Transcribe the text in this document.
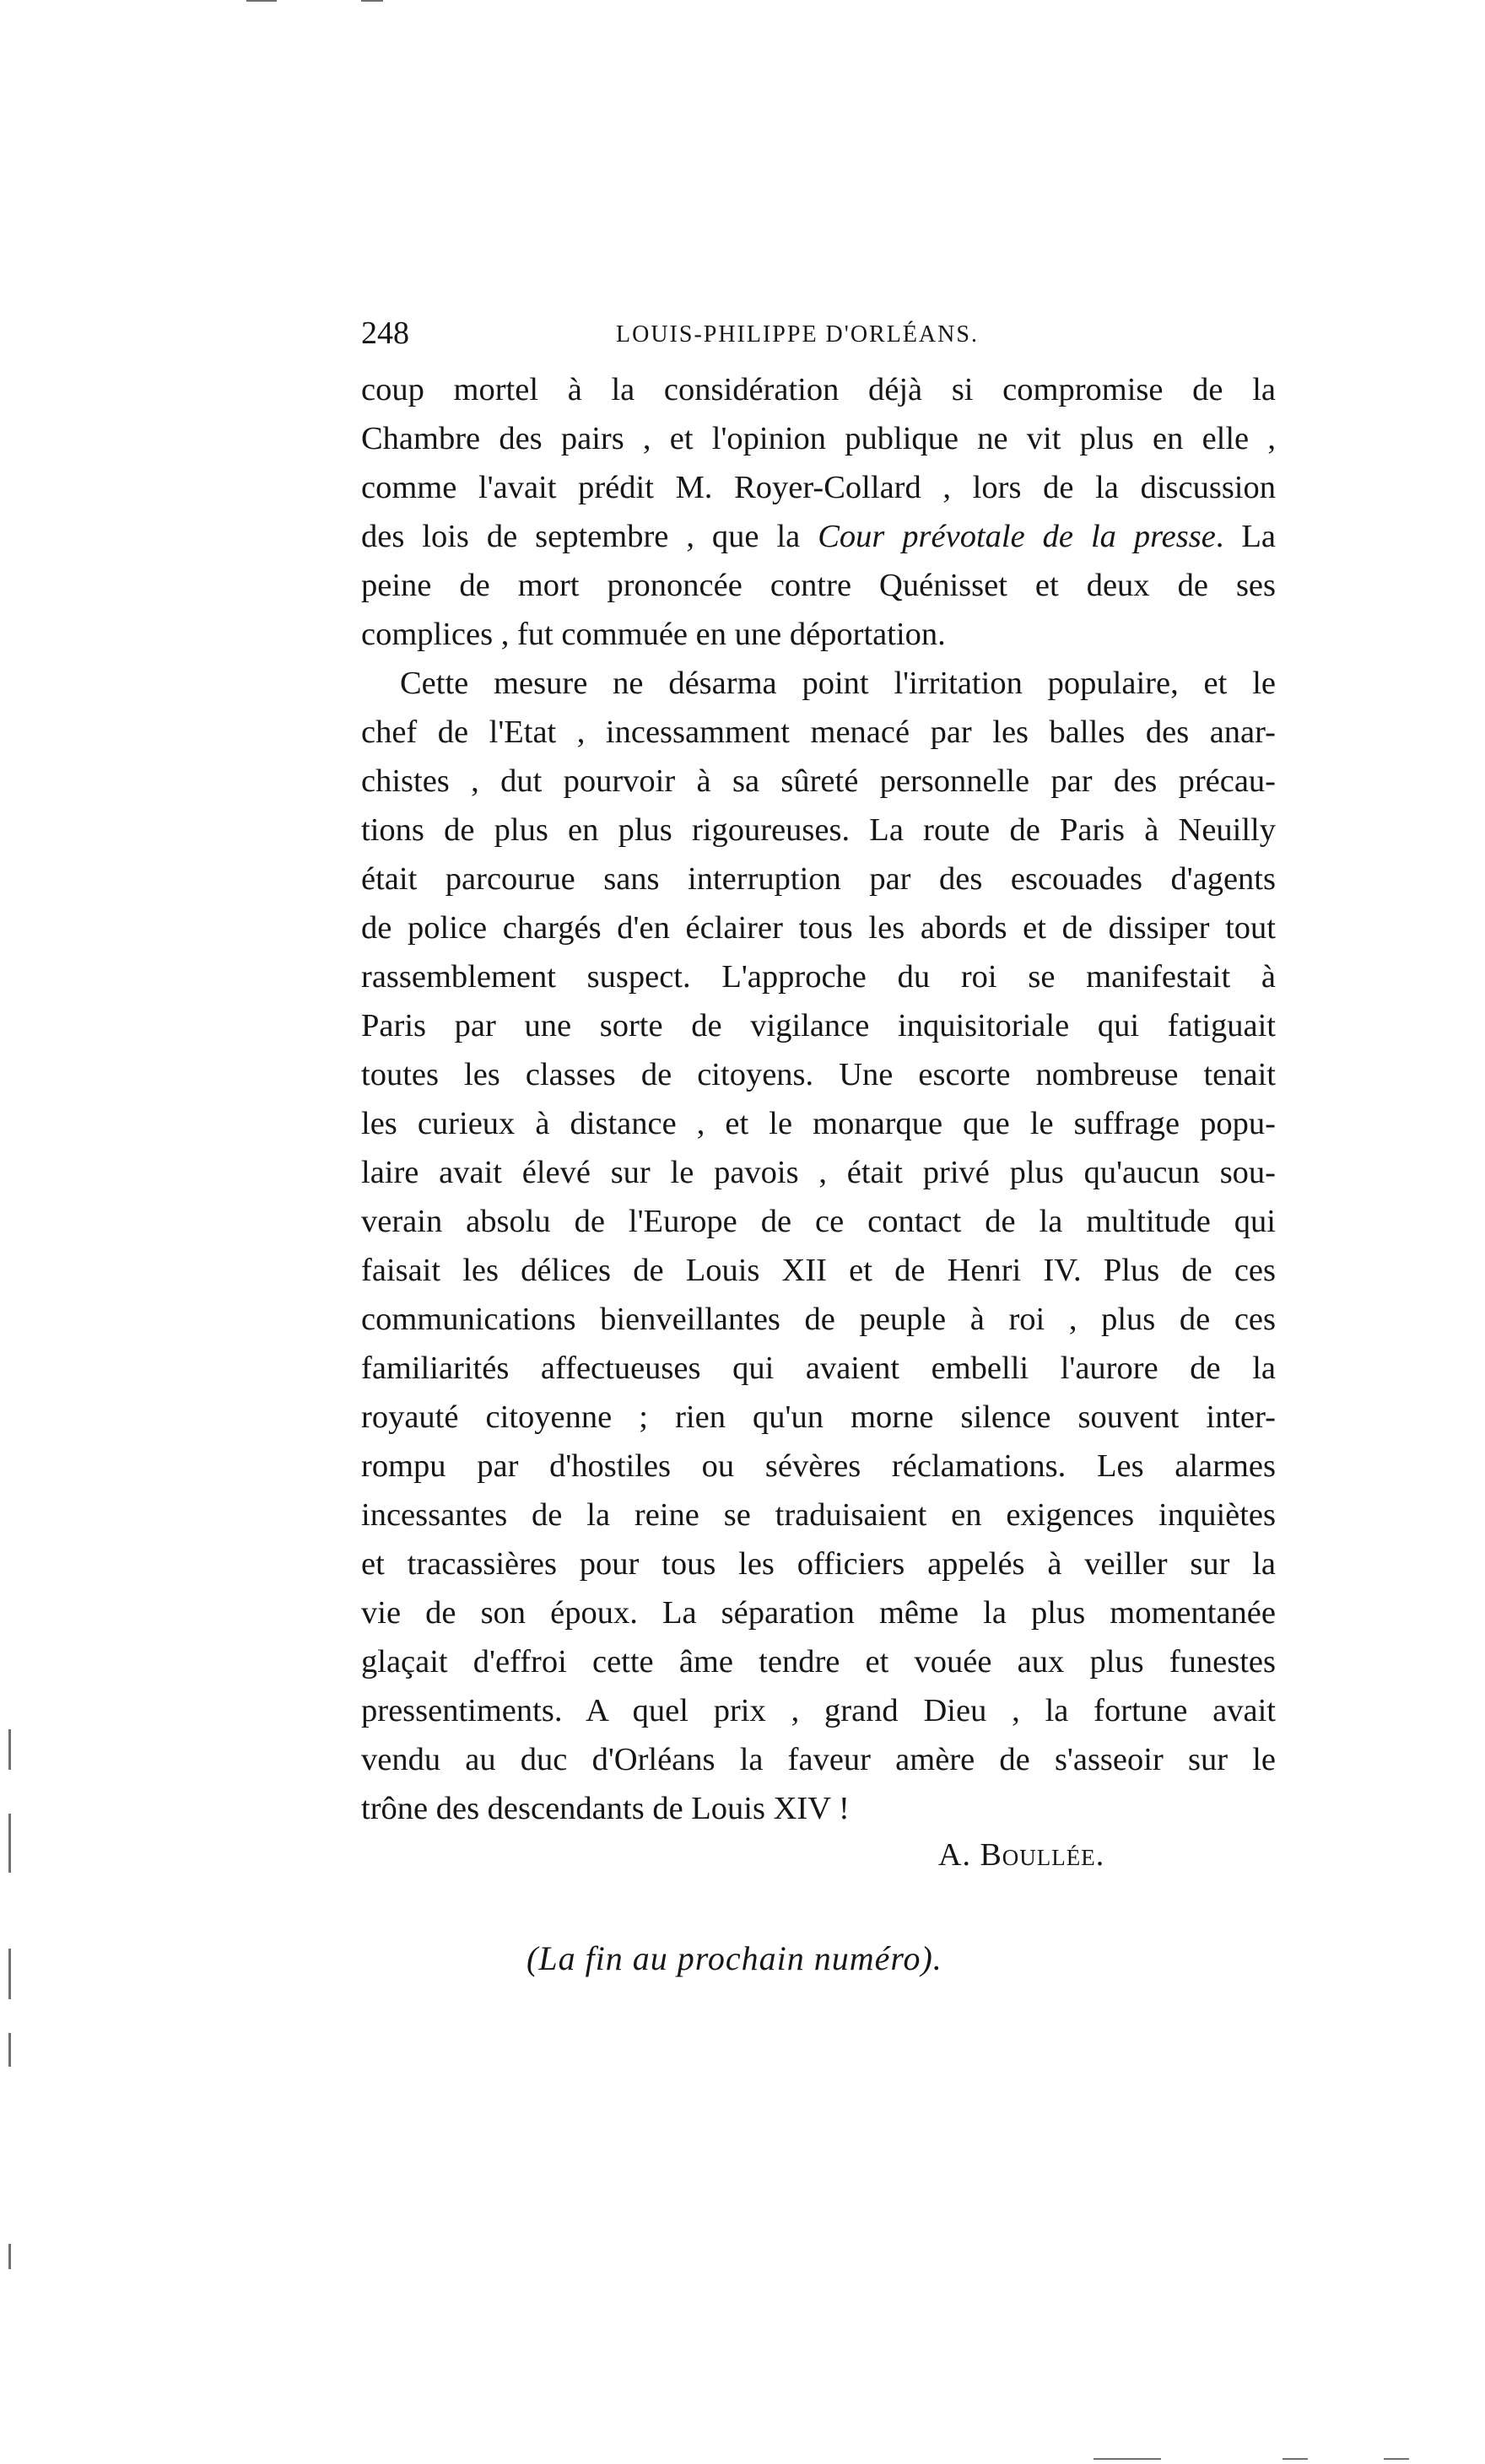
248	LOUIS-PHILIPPE D'ORLÉANS.
coup mortel à la considération déjà si compromise de la
Chambre des pairs , et l'opinion publique ne vit plus en elle ,
comme l'avait prédit M. Royer-Collard , lors de la discussion
des lois de septembre , que la Cour prévotale de la presse. La
peine de mort prononcée contre Quénisset et deux de ses
complices , fut commuée en une déportation.
Cette mesure ne désarma point l'irritation populaire, et le
chef de l'Etat , incessamment menacé par les balles des anar-
chistes , dut pourvoir à sa sûreté personnelle par des précau-
tions de plus en plus rigoureuses. La route de Paris à Neuilly
était parcourue sans interruption par des escouades d'agents
de police chargés d'en éclairer tous les abords et de dissiper tout
rassemblement suspect. L'approche du roi se manifestait à
Paris par une sorte de vigilance inquisitoriale qui fatiguait
toutes les classes de citoyens. Une escorte nombreuse tenait
les curieux à distance , et le monarque que le suffrage popu-
laire avait élevé sur le pavois , était privé plus qu'aucun sou-
verain absolu de l'Europe de ce contact de la multitude qui
faisait les délices de Louis XII et de Henri IV. Plus de ces
communications bienveillantes de peuple à roi , plus de ces
familiarités affectueuses qui avaient embelli l'aurore de la
royauté citoyenne ; rien qu'un morne silence souvent inter-
rompu par d'hostiles ou sévères réclamations. Les alarmes
incessantes de la reine se traduisaient en exigences inquiètes
et tracassières pour tous les officiers appelés à veiller sur la
vie de son époux. La séparation même la plus momentanée
glaçait d'effroi cette âme tendre et vouée aux plus funestes
pressentiments. A quel prix , grand Dieu , la fortune avait
vendu au duc d'Orléans la faveur amère de s'asseoir sur le
trône des descendants de Louis XIV !
A. Boullée.
(La fin au prochain numéro).
